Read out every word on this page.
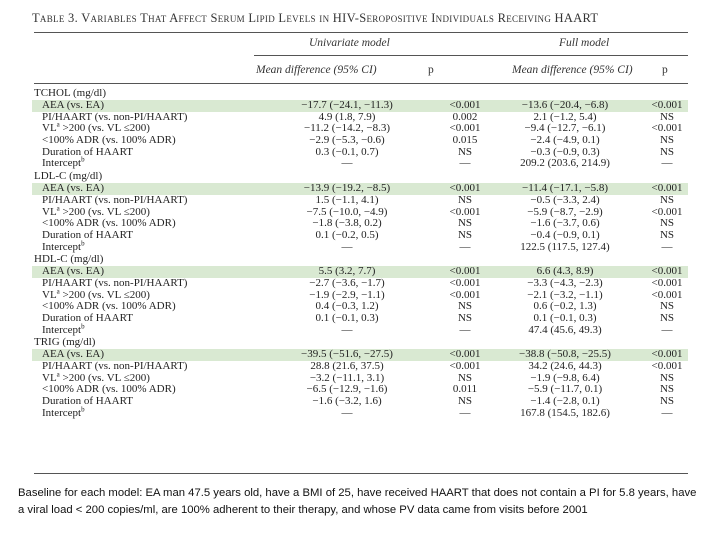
Table 3. Variables That Affect Serum Lipid Levels in HIV-Seropositive Individuals Receiving HAART
Univariate model	Full model
Mean difference (95% CI)	p	Mean difference (95% CI)	p
TCHOL (mg/dl)
AEA (vs. EA)	−17.7 (−24.1, −11.3)	<0.001	−13.6 (−20.4, −6.8)	<0.001
PI/HAART (vs. non-PI/HAART)	4.9 (1.8, 7.9)	0.002	2.1 (−1.2, 5.4)	NS
$VL^a >200$ (vs. VL ≤200)	−11.2 (−14.2, −8.3)	<0.001	−9.4 (−12.7, −6.1)	<0.001
<100% ADR (vs. 100% ADR)	−2.9 (−5.3, −0.6)	0.015	−2.4 (−4.9, 0.1)	NS
Duration of HAART	0.3 (−0.1, 0.7)	NS	−0.3 (−0.9, 0.3)	NS
Intercept$^b$	—	—	209.2 (203.6, 214.9)	—
LDL-C (mg/dl)
AEA (vs. EA)	−13.9 (−19.2, −8.5)	<0.001	−11.4 (−17.1, −5.8)	<0.001
PI/HAART (vs. non-PI/HAART)	1.5 (−1.1, 4.1)	NS	−0.5 (−3.3, 2.4)	NS
$VL^a >200$ (vs. VL ≤200)	−7.5 (−10.0, −4.9)	<0.001	−5.9 (−8.7, −2.9)	<0.001
<100% ADR (vs. 100% ADR)	−1.8 (−3.8, 0.2)	NS	−1.6 (−3.7, 0.6)	NS
Duration of HAART	0.1 (−0.2, 0.5)	NS	−0.4 (−0.9, 0.1)	NS
Intercept$^b$	—	—	122.5 (117.5, 127.4)	—
HDL-C (mg/dl)
AEA (vs. EA)	5.5 (3.2, 7.7)	<0.001	6.6 (4.3, 8.9)	<0.001
PI/HAART (vs. non-PI/HAART)	−2.7 (−3.6, −1.7)	<0.001	−3.3 (−4.3, −2.3)	<0.001
$VL^a >200$ (vs. VL ≤200)	−1.9 (−2.9, −1.1)	<0.001	−2.1 (−3.2, −1.1)	<0.001
<100% ADR (vs. 100% ADR)	0.4 (−0.3, 1.2)	NS	0.6 (−0.2, 1.3)	NS
Duration of HAART	0.1 (−0.1, 0.3)	NS	0.1 (−0.1, 0.3)	NS
Intercept$^b$	—	—	47.4 (45.6, 49.3)	—
TRIG (mg/dl)
AEA (vs. EA)	−39.5 (−51.6, −27.5)	<0.001	−38.8 (−50.8, −25.5)	<0.001
PI/HAART (vs. non-PI/HAART)	28.8 (21.6, 37.5)	<0.001	34.2 (24.6, 44.3)	<0.001
$VL^a >200$ (vs. VL ≤200)	−3.2 (−11.1, 3.1)	NS	−1.9 (−9.8, 6.4)	NS
<100% ADR (vs. 100% ADR)	−6.5 (−12.9, −1.6)	0.011	−5.9 (−11.7, 0.1)	NS
Duration of HAART	−1.6 (−3.2, 1.6)	NS	−1.4 (−2.8, 0.1)	NS
Intercept$^b$	—	—	167.8 (154.5, 182.6)	—
Baseline for each model: EA man 47.5 years old, have a BMI of 25, have received HAART that does not contain a PI for 5.8 years, have a viral load < 200 copies/ml, are 100% adherent to their therapy, and whose PV data came from visits before 2001
